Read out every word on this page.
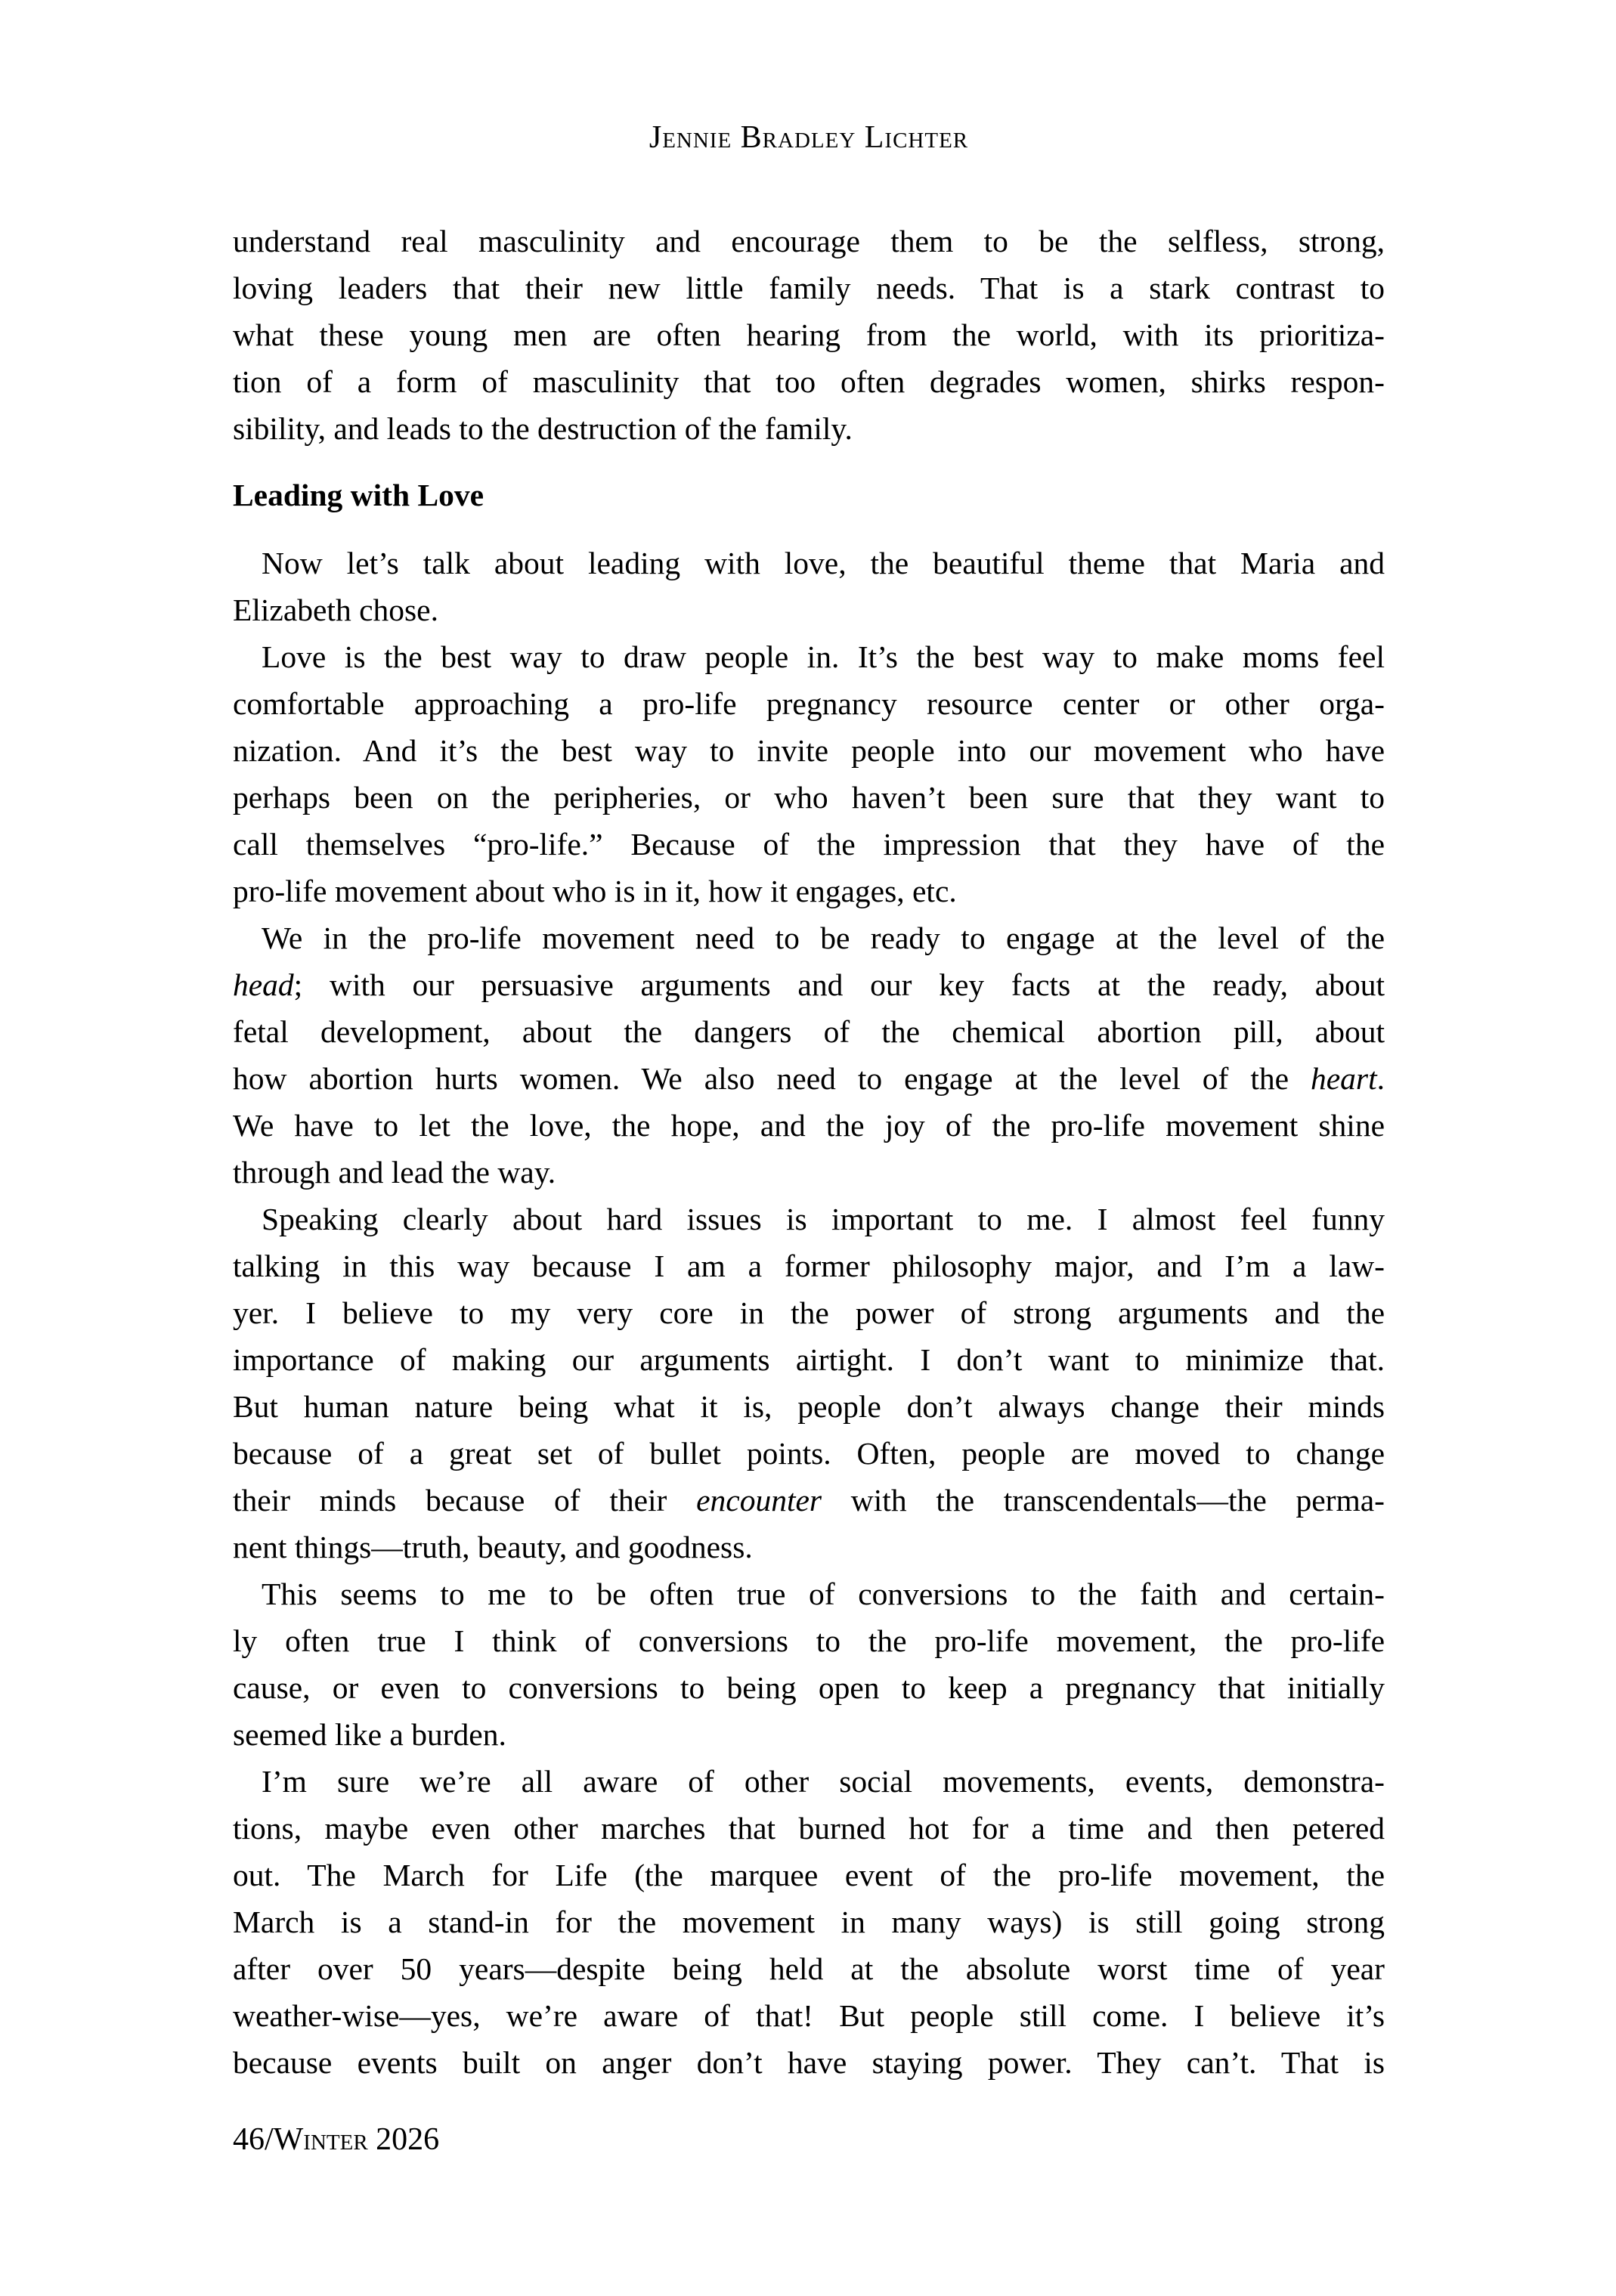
Jennie Bradley Lichter
understand real masculinity and encourage them to be the selfless, strong,
loving leaders that their new little family needs. That is a stark contrast to
what these young men are often hearing from the world, with its prioritiza-
tion of a form of masculinity that too often degrades women, shirks respon-
sibility, and leads to the destruction of the family.
Leading with Love
Now let’s talk about leading with love, the beautiful theme that Maria and
Elizabeth chose.
Love is the best way to draw people in. It’s the best way to make moms feel
comfortable approaching a pro-life pregnancy resource center or other orga-
nization. And it’s the best way to invite people into our movement who have
perhaps been on the peripheries, or who haven’t been sure that they want to
call themselves “pro-life.” Because of the impression that they have of the
pro-life movement about who is in it, how it engages, etc.
We in the pro-life movement need to be ready to engage at the level of the
head; with our persuasive arguments and our key facts at the ready, about
fetal development, about the dangers of the chemical abortion pill, about
how abortion hurts women. We also need to engage at the level of the heart.
We have to let the love, the hope, and the joy of the pro-life movement shine
through and lead the way.
Speaking clearly about hard issues is important to me. I almost feel funny
talking in this way because I am a former philosophy major, and I’m a law-
yer. I believe to my very core in the power of strong arguments and the
importance of making our arguments airtight. I don’t want to minimize that.
But human nature being what it is, people don’t always change their minds
because of a great set of bullet points. Often, people are moved to change
their minds because of their encounter with the transcendentals—the perma-
nent things—truth, beauty, and goodness.
This seems to me to be often true of conversions to the faith and certain-
ly often true I think of conversions to the pro-life movement, the pro-life
cause, or even to conversions to being open to keep a pregnancy that initially
seemed like a burden.
I’m sure we’re all aware of other social movements, events, demonstra-
tions, maybe even other marches that burned hot for a time and then petered
out. The March for Life (the marquee event of the pro-life movement, the
March is a stand-in for the movement in many ways) is still going strong
after over 50 years—despite being held at the absolute worst time of year
weather-wise—yes, we’re aware of that! But people still come. I believe it’s
because events built on anger don’t have staying power. They can’t. That is
46/Winter 2026
